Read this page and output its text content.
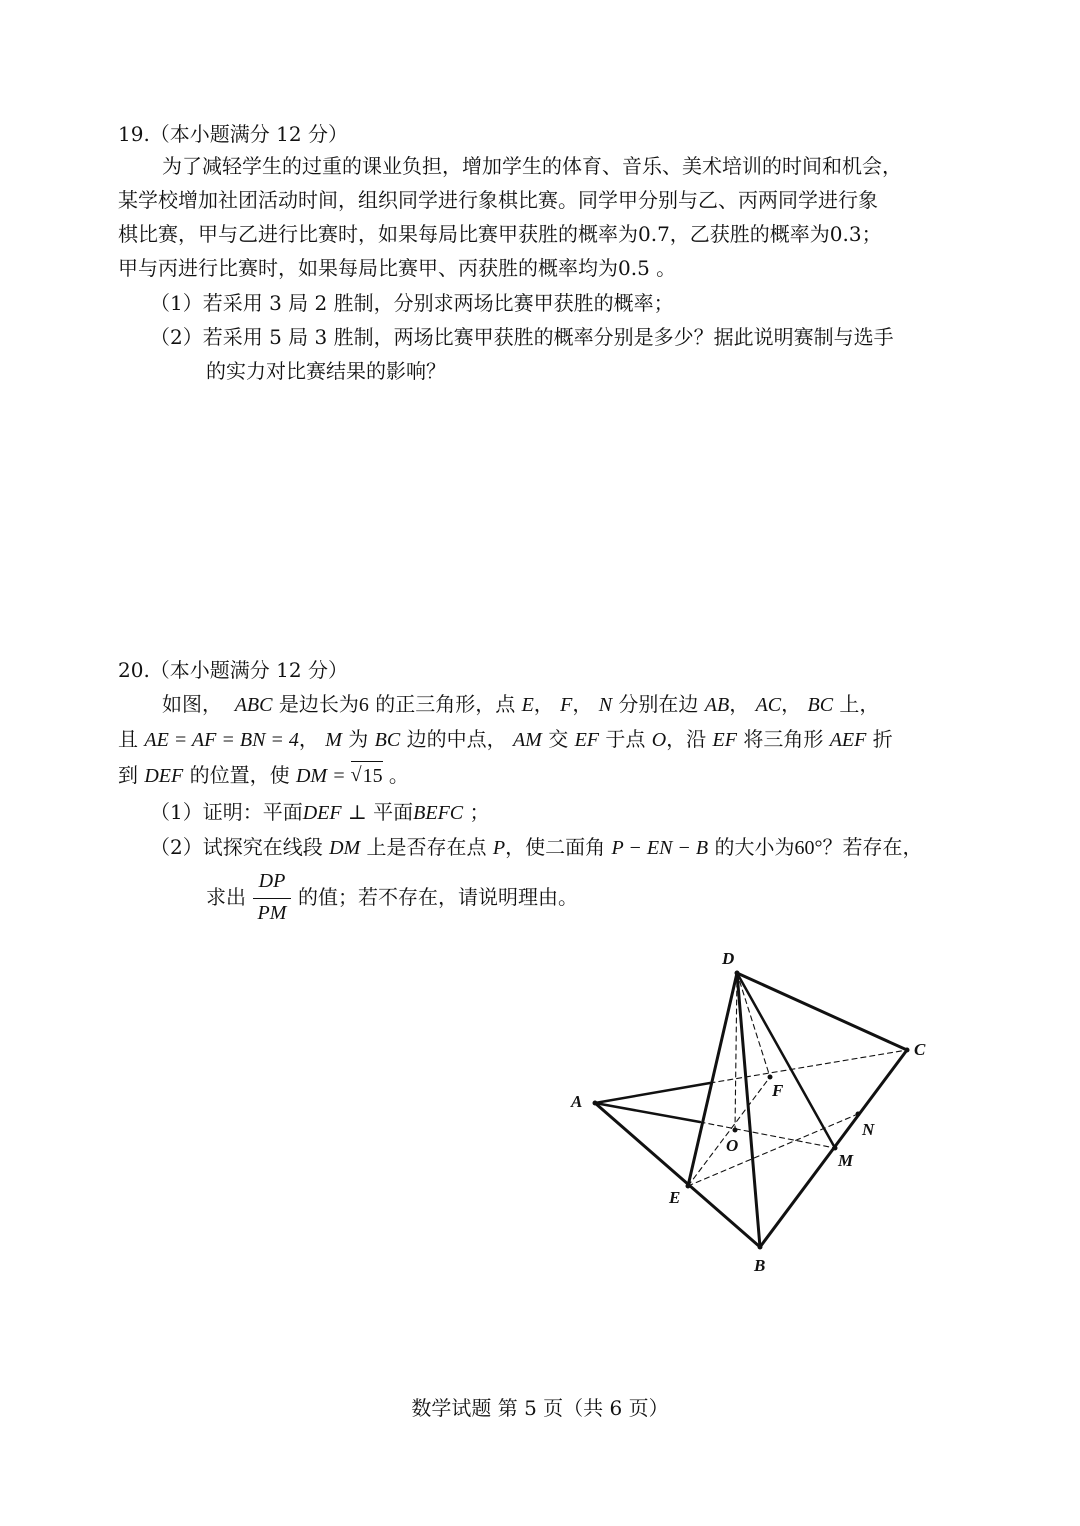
19.（本小题满分 12 分）
为了减轻学生的过重的课业负担，增加学生的体育、音乐、美术培训的时间和机会，
某学校增加社团活动时间，组织同学进行象棋比赛。同学甲分别与乙、丙两同学进行象
棋比赛，甲与乙进行比赛时，如果每局比赛甲获胜的概率为0.7，乙获胜的概率为0.3；
甲与丙进行比赛时，如果每局比赛甲、丙获胜的概率均为0.5 。
（1）若采用 3 局 2 胜制，分别求两场比赛甲获胜的概率；
（2）若采用 5 局 3 胜制，两场比赛甲获胜的概率分别是多少？据此说明赛制与选手
的实力对比赛结果的影响？
20.（本小题满分 12 分）
如图， ABC 是边长为6 的正三角形，点 E， F， N 分别在边 AB， AC， BC 上，
且 AE = AF = BN = 4， M 为 BC 边的中点， AM 交 EF 于点 O，沿 EF 将三角形 AEF 折
到 DEF 的位置，使 DM = √ 15 。
（1）证明：平面DEF ⊥ 平面BEFC ；
（2）试探究在线段 DM 上是否存在点 P，使二面角 P − EN − B 的大小为60°？若存在，
求出
DP
PM
的值；若不存在，请说明理由。
D
C
F
A
N
O
M
E
B
数学试题 第 5 页（共 6 页）
